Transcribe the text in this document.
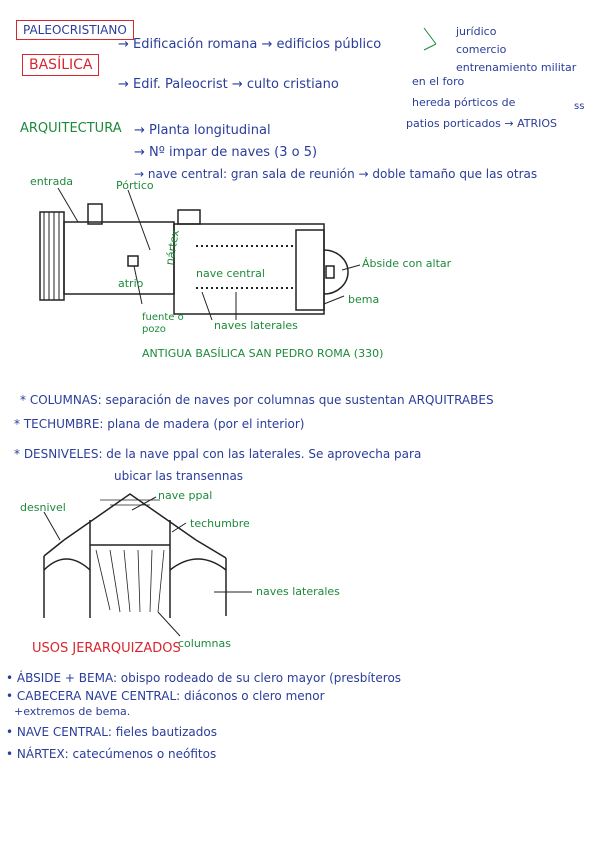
PALEOCRISTIANO
→ Edificación romana → edificios público
jurídico
comercio
entrenamiento militar
BASÍLICA
→ Edif. Paleocrist → culto cristiano	en el foro
hereda pórticos de
patios porticados → ATRIOS
ss
ARQUITECTURA → Planta longitudinal
→ Nº impar de naves (3 o 5)
→ nave central: gran sala de reunión → doble tamaño que las otras
entrada	Pórtico
atrio
nártex
nave central
Ábside con altar
bema
fuente o
pozo	naves laterales
ANTIGUA BASÍLICA SAN PEDRO ROMA (330)
* COLUMNAS: separación de naves por columnas que sustentan ARQUITRABES
* TECHUMBRE: plana de madera (por el interior)
* DESNIVELES: de la nave ppal con las laterales. Se aprovecha para
ubicar las transennas
nave ppal
desnivel
techumbre
naves laterales
columnas
USOS JERARQUIZADOS
• ÁBSIDE + BEMA: obispo rodeado de su clero mayor (presbíteros
• CABECERA NAVE CENTRAL: diáconos o clero menor
+extremos de bema.
• NAVE CENTRAL: fieles bautizados
• NÁRTEX: catecúmenos o neófitos
